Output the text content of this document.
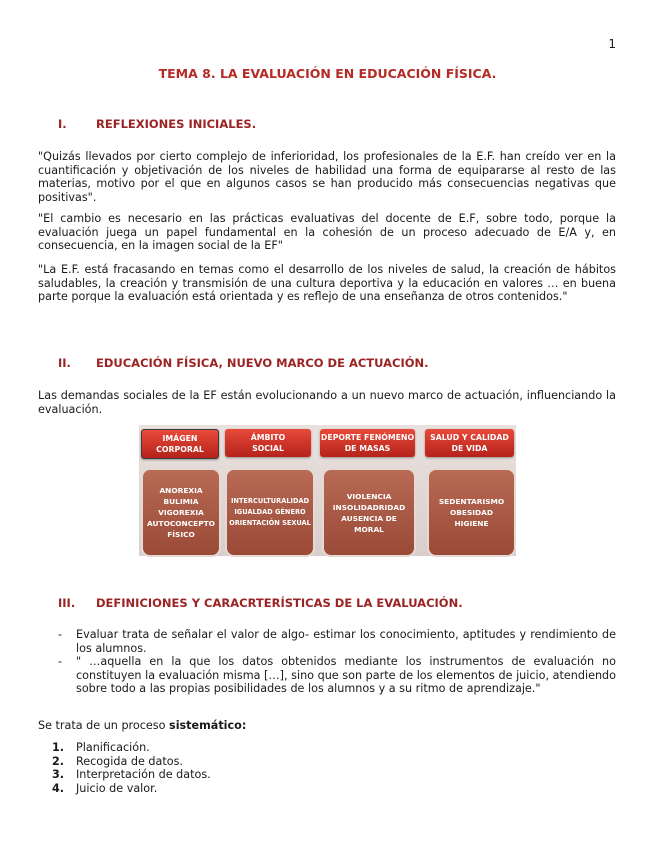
1
TEMA 8. LA EVALUACIÓN EN EDUCACIÓN FÍSICA.
I.	REFLEXIONES INICIALES.
"Quizás llevados por cierto complejo de inferioridad, los profesionales de la E.F. han creído ver en la cuantificación y objetivación de los niveles de habilidad una forma de equipararse al resto de las materias, motivo por el que en algunos casos se han producido más consecuencias negativas que positivas".
"El cambio es necesario en las prácticas evaluativas del docente de E.F, sobre todo, porque la evaluación juega un papel fundamental en la cohesión de un proceso adecuado de E/A y, en consecuencia, en la imagen social de la EF"
"La E.F. está fracasando en temas como el desarrollo de los niveles de salud, la creación de hábitos saludables, la creación y transmisión de una cultura deportiva y la educación en valores … en buena parte porque la evaluación está orientada y es reflejo de una enseñanza de otros contenidos."
II. EDUCACIÓN FÍSICA, NUEVO MARCO DE ACTUACIÓN.
Las demandas sociales de la EF están evolucionando a un nuevo marco de actuación, influenciando la evaluación.
IMÁGEN
CORPORAL
ÁMBITO
SOCIAL
DEPORTE FENÓMENO
DE MASAS
SALUD Y CALIDAD
DE VIDA
ANOREXIA
BULIMIA
VIGOREXIA
AUTOCONCEPTO
FÍSICO
INTERCULTURALIDAD
IGUALDAD GÉNERO
ORIENTACIÓN SEXUAL
VIOLENCIA
INSOLIDADRIDAD
AUSENCIA DE
MORAL
SEDENTARISMO
OBESIDAD
HIGIENE
III. DEFINICIONES Y CARACRTERÍSTICAS DE LA EVALUACIÓN.
- Evaluar trata de señalar el valor de algo- estimar los conocimiento, aptitudes y rendimiento de los alumnos.
- " …aquella en la que los datos obtenidos mediante los instrumentos de evaluación no constituyen la evaluación misma […], sino que son parte de los elementos de juicio, atendiendo sobre todo a las propias posibilidades de los alumnos y a su ritmo de aprendizaje."
Se trata de un proceso sistemático:
1. Planificación.
2. Recogida de datos.
3. Interpretación de datos.
4. Juicio de valor.
